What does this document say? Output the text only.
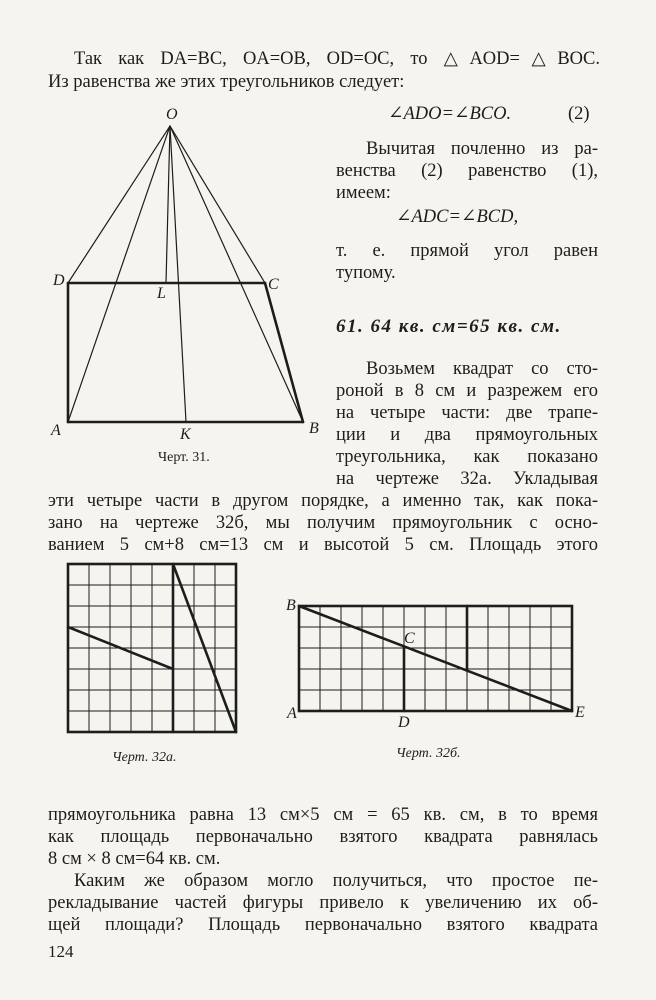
Так как DA=BC, OA=OB, OD=OC, то △AOD=△BOC.
Из равенства же этих треугольников следует:
∠ADO=∠BCO.	(2)
Вычитая почленно из ра-
венства (2) равенство (1),
имеем:
∠ADC=∠BCD,
т. е. прямой угол равен
тупому.
61. 64 кв. см=65 кв. см.
Возьмем квадрат со сто-
роной в 8 см и разрежем его
на четыре части: две трапе-
ции и два прямоугольных
треугольника, как показано
на чертеже 32а. Укладывая
эти четыре части в другом порядке, а именно так, как пока-
зано на чертеже 32б, мы получим прямоугольник с осно-
ванием 5 см+8 см=13 см и высотой 5 см. Площадь этого
O
D	C
L
A	K	B
Черт. 31.
Черт. 32а.
B
C
A
D
E
Черт. 32б.
прямоугольника равна 13 см×5 см = 65 кв. см, в то время
как площадь первоначально взятого квадрата равнялась
8 см × 8 см=64 кв. см.
Каким же образом могло получиться, что простое пе-
рекладывание частей фигуры привело к увеличению их об-
щей площади? Площадь первоначально взятого квадрата
124
